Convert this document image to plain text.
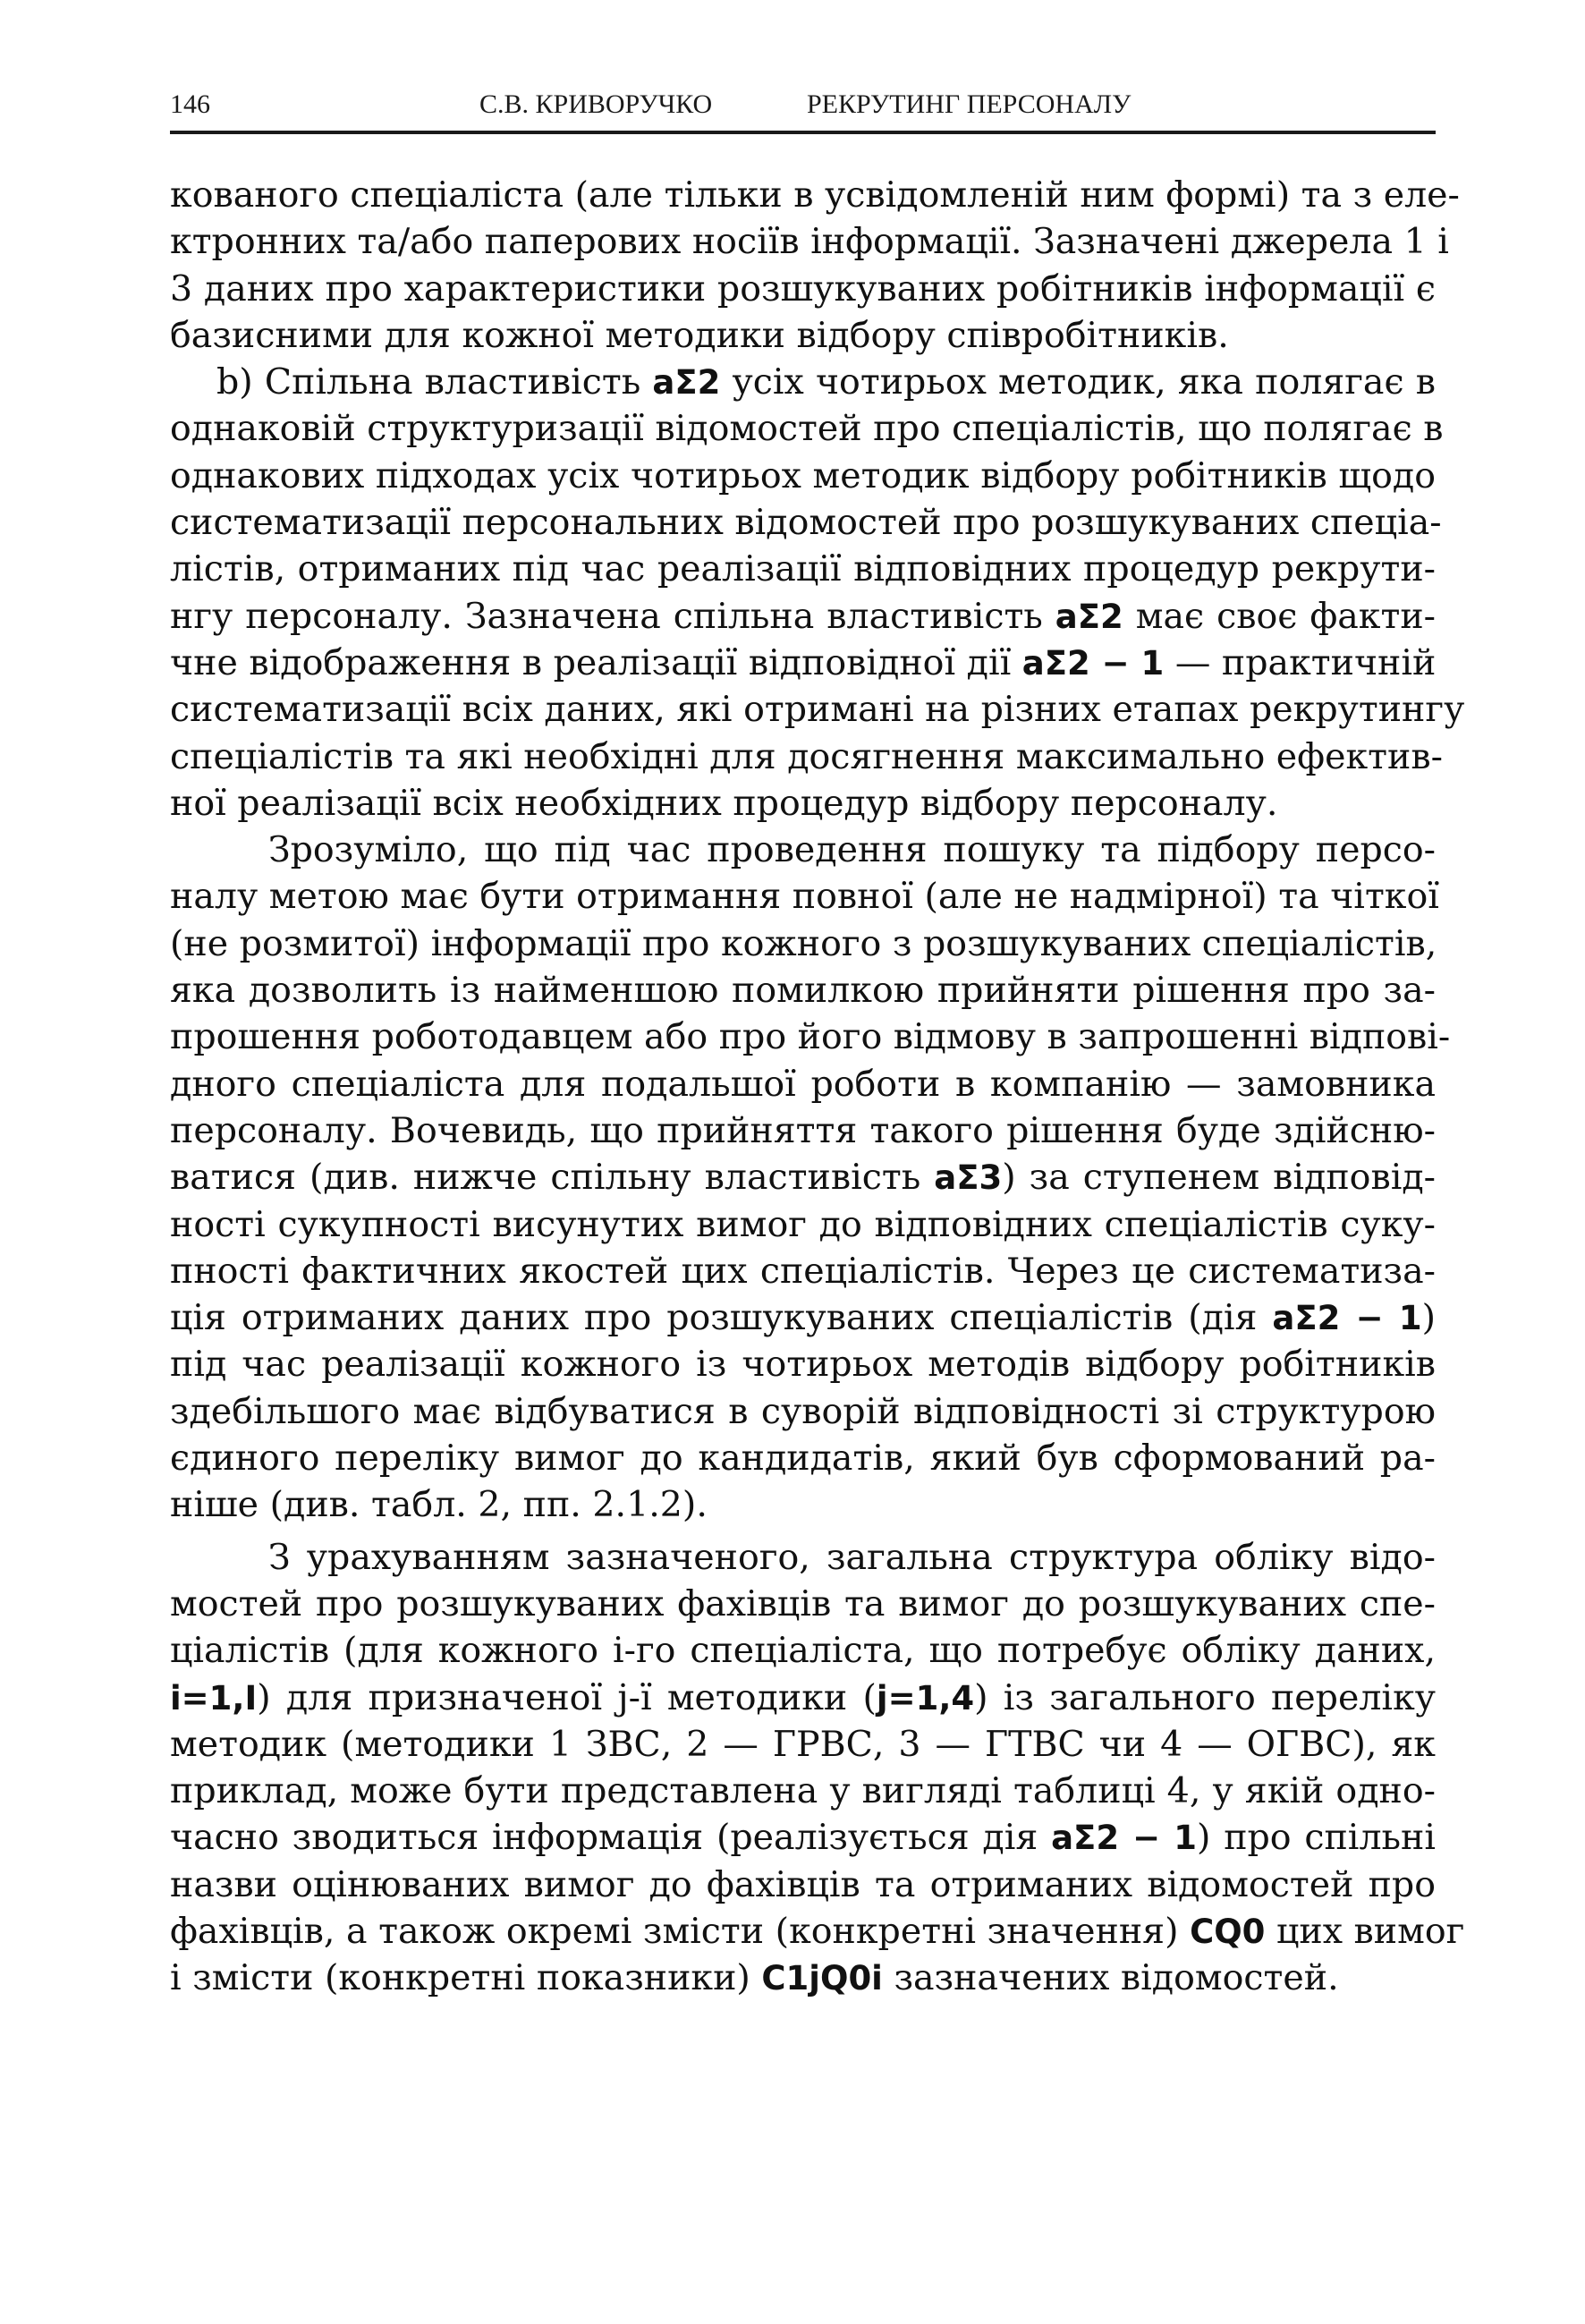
146	С.В. КРИВОРУЧКО	РЕКРУТИНГ ПЕРСОНАЛУ
кованого спеціаліста (але тільки в усвідомленій ним формі) та з еле-
ктронних та/або паперових носіїв інформації. Зазначені джерела 1 і
3 даних про характеристики розшукуваних робітників інформації є
базисними для кожної методики відбору співробітників.
b) Спільна властивість aΣ2 усіх чотирьох методик, яка полягає в
однаковій структуризації відомостей про спеціалістів, що полягає в
однакових підходах усіх чотирьох методик відбору робітників щодо
систематизації персональних відомостей про розшукуваних спеціа-
лістів, отриманих під час реалізації відповідних процедур рекрути-
нгу персоналу. Зазначена спільна властивість aΣ2 має своє факти-
чне відображення в реалізації відповідної дії aΣ2 − 1 — практичній
систематизації всіх даних, які отримані на різних етапах рекрутингу
спеціалістів та які необхідні для досягнення максимально ефектив-
ної реалізації всіх необхідних процедур відбору персоналу.
Зрозуміло, що під час проведення пошуку та підбору персо-
налу метою має бути отримання повної (але не надмірної) та чіткої
(не розмитої) інформації про кожного з розшукуваних спеціалістів,
яка дозволить із найменшою помилкою прийняти рішення про за-
прошення роботодавцем або про його відмову в запрошенні відпові-
дного спеціаліста для подальшої роботи в компанію — замовника
персоналу. Вочевидь, що прийняття такого рішення буде здійсню-
ватися (див. нижче спільну властивість aΣ3) за ступенем відповід-
ності сукупності висунутих вимог до відповідних спеціалістів суку-
пності фактичних якостей цих спеціалістів. Через це систематиза-
ція отриманих даних про розшукуваних спеціалістів (дія aΣ2 − 1)
під час реалізації кожного із чотирьох методів відбору робітників
здебільшого має відбуватися в суворій відповідності зі структурою
єдиного переліку вимог до кандидатів, який був сформований ра-
ніше (див. табл. 2, пп. 2.1.2).
З урахуванням зазначеного, загальна структура обліку відо-
мостей про розшукуваних фахівців та вимог до розшукуваних спе-
ціалістів (для кожного і-го спеціаліста, що потребує обліку даних,
i=1,I) для призначеної j-ї методики (j=1,4) із загального переліку
методик (методики 1 ЗВС, 2 — ГРВС, 3 — ГТВС чи 4 — ОГВС), як
приклад, може бути представлена у вигляді таблиці 4, у якій одно-
часно зводиться інформація (реалізується дія aΣ2 − 1) про спільні
назви оцінюваних вимог до фахівців та отриманих відомостей про
фахівців, а також окремі змісти (конкретні значення) CQ0 цих вимог
і змісти (конкретні показники) C1jQ0i зазначених відомостей.
